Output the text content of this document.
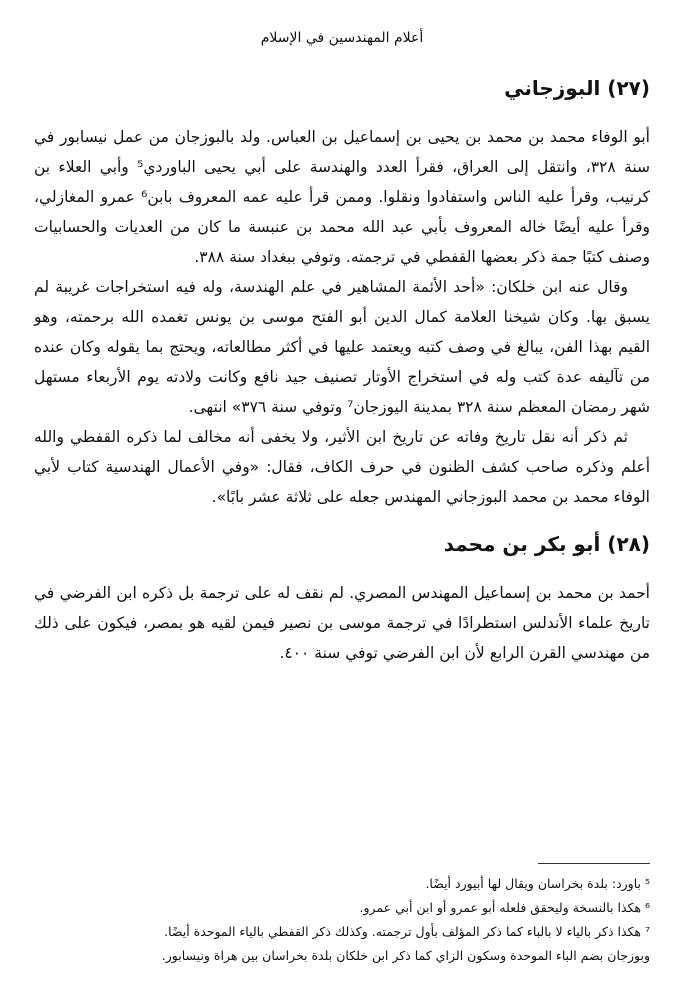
أعلام المهندسين في الإسلام
(٢٧) البوزجاني

أبو الوفاء محمد بن محمد بن يحيى بن إسماعيل بن العباس. ولد بالبوزجان من عمل نيسابور في سنة ٣٢٨، وانتقل إلى العراق، فقرأ العدد والهندسة على أبي يحيى الباوردي⁵ وأبي العلاء بن كرنيب، وقرأ عليه الناس واستفادوا ونقلوا. وممن قرأ عليه عمه المعروف بابن⁶ عمرو المغازلي، وقرأ عليه أيضًا خاله المعروف بأبي عبد الله محمد بن عنبسة ما كان من العديات والحسابيات وصنف كتبًا جمة ذكر بعضها القفطي في ترجمته. وتوفي ببغداد سنة ٣٨٨.

وقال عنه ابن خلكان: «أحد الأئمة المشاهير في علم الهندسة، وله فيه استخراجات غريبة لم يسبق بها. وكان شيخنا العلامة كمال الدين أبو الفتح موسى بن يونس تغمده الله برحمته، وهو القيم بهذا الفن، يبالغ في وصف كتبه ويعتمد عليها في أكثر مطالعاته، ويحتج بما يقوله وكان عنده من تآليفه عدة كتب وله في استخراج الأوتار تصنيف جيد نافع وكانت ولادته يوم الأربعاء مستهل شهر رمضان المعظم سنة ٣٢٨ بمدينة اليوزجان⁷ وتوفي سنة ٣٧٦» انتهى.

ثم ذكر أنه نقل تاريخ وفاته عن تاريخ ابن الأثير، ولا يخفى أنه مخالف لما ذكره القفطي والله أعلم وذكره صاحب كشف الظنون في حرف الكاف، فقال: «وفي الأعمال الهندسية كتاب لأبي الوفاء محمد بن محمد البوزجاني المهندس جعله على ثلاثة عشر بابًا».

(٢٨) أبو بكر بن محمد

أحمد بن محمد بن إسماعيل المهندس المصري. لم نقف له على ترجمة بل ذكره ابن الفرضي في تاريخ علماء الأندلس استطرادًا في ترجمة موسى بن نصير فيمن لقيه هو بمصر، فيكون على ذلك من مهندسي القرن الرابع لأن ابن الفرضي توفي سنة ٤٠٠.

⁵ باورد: بلدة بخراسان ويقال لها أبيورد أيضًا.

⁶ هكذا بالنسخة وليحقق فلعله أبو عمرو أو ابن أبي عمرو.

⁷ هكذا ذكر بالياء لا بالباء كما ذكر المؤلف بأول ترجمته. وكذلك ذكر القفطي بالياء الموحدة أيضًا.

وبوزجان بضم الباء الموحدة وسكون الزاي كما ذكر ابن خلكان بلدة بخراسان بين هراة ونيسابور.
